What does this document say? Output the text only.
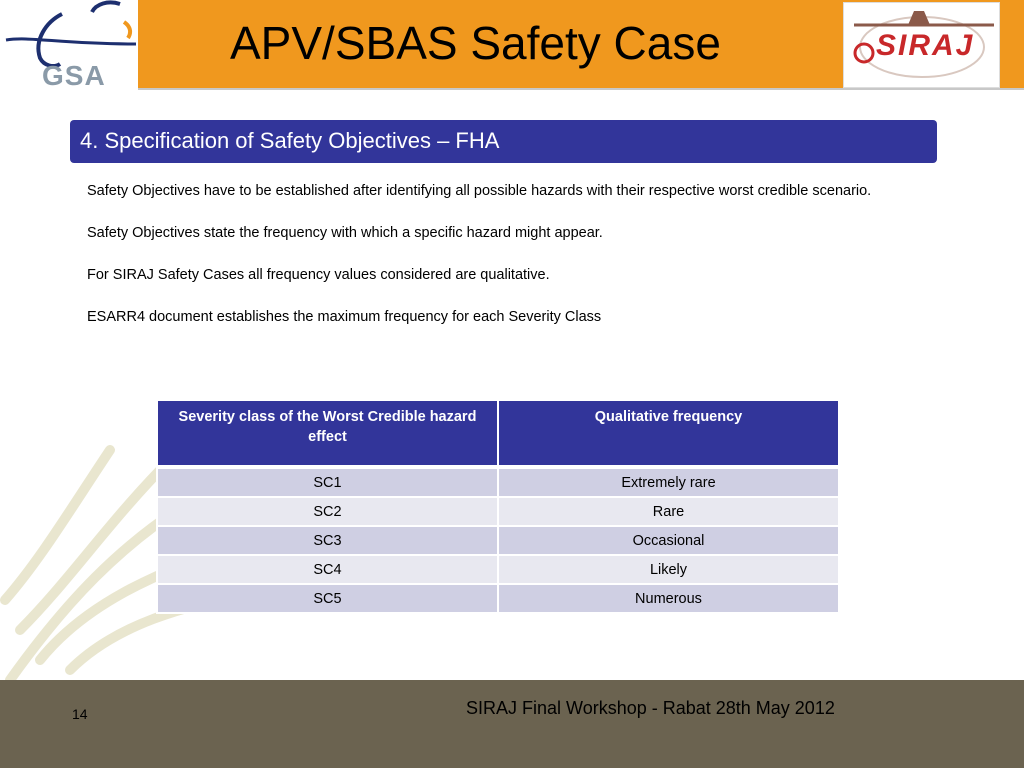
GSA
APV/SBAS Safety Case	SIRAJ
4. Specification of Safety Objectives – FHA

Safety Objectives have to be established after identifying all possible hazards with their respective worst credible scenario.

Safety Objectives state the frequency with which a specific hazard might appear.

For SIRAJ Safety Cases all frequency values considered are qualitative.

ESARR4 document establishes the maximum frequency for each Severity Class

Severity class of the Worst Credible hazard effect	Qualitative frequency
SC1	Extremely rare
SC2	Rare
SC3	Occasional
SC4	Likely
SC5	Numerous
14	SIRAJ Final Workshop - Rabat 28th May 2012
